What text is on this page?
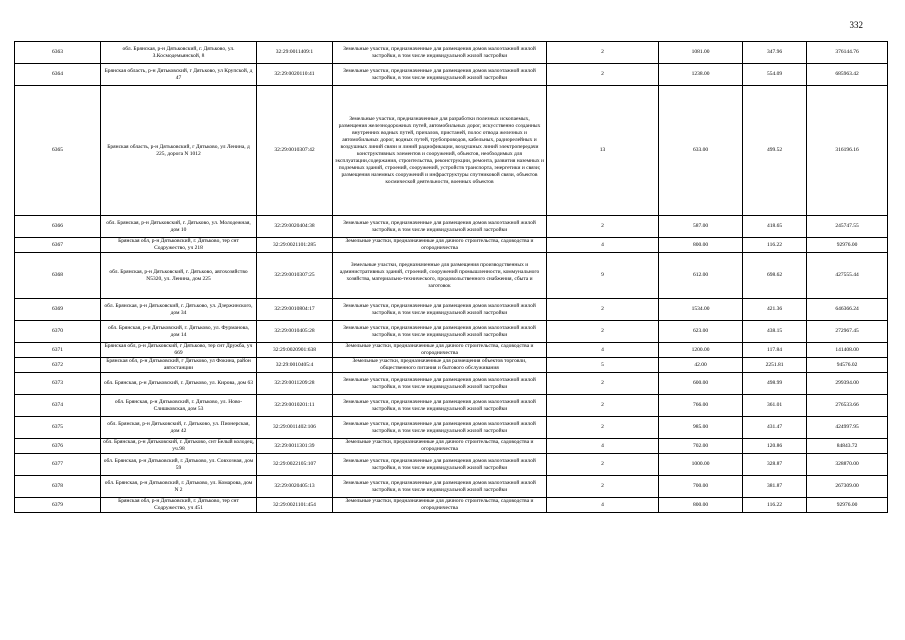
332
6363	обл. Брянская, р-н Дятьковский, г. Дятьково, ул. З.Космодемьянской, 8	32:29:0011409:1	Земельные участки, предназначенные для размещения домов малоэтажной жилой застройки, в том числе индивидуальной жилой застройки	2	1081.00	347.96	376144.76
6364	Брянская область, р-н Дятьковский, г Дятьково, ул Крупской, д 47	32:29:0020110:41	Земельные участки, предназначенные для размещения домов малоэтажной жилой застройки, в том числе индивидуальной жилой застройки	2	1238.00	554.09	685963.42
6365	Брянская область, р-н Дятьковский, г Дятьково, ул Ленина, д 225, дорога N 1012	32:29:0010307:42	Земельные участки, предназначенные для разработки полезных ископаемых, размещения железнодорожных путей, автомобильных дорог, искусственно созданных внутренних водных путей, причалов, пристаней, полос отвода железных и автомобильных дорог, водных путей, трубопроводов, кабельных, радиорелейных и воздушных линий связи и линий радиофикации, воздушных линий электропередачи конструктивных элементов и сооружений, объектов, необходимых для эксплуатации,содержания, строительства, реконструкции, ремонта, развития наземных и подземных зданий, строений, сооружений, устройств транспорта, энергетики и связи; размещения наземных сооружений и инфраструктуры спутниковой связи, объектов космической деятельности, военных объектов	13	633.00	499.52	316196.16
6366	обл. Брянская, р-н Дятьковский, г. Дятьково, ул. Молодежная, дом 10	32:29:0020404:38	Земельные участки, предназначенные для размещения домов малоэтажной жилой застройки, в том числе индивидуальной жилой застройки	2	587.00	418.65	245747.55
6367	Брянская обл, р-н Дятьковский, г. Дятьково, тер снт Содружество, уч 218	32:29:0021101:285	Земельные участки, предназначенные для дачного строительства, садоводства и огородничества	4	800.00	116.22	92976.00
6368	обл. Брянская, р-н Дятьковский, г. Дятьково, автохозяйство N5320, ул. Ленина, дом 225	32:29:0010307:25	Земельные участки, предназначенные для размещения производственных и административных зданий, строений, сооружений промышленности, коммунального хозяйства, материально-технического, продовольственного снабжения, сбыта и заготовок	9	612.00	698.62	427555.44
6369	обл. Брянская, р-н Дятьковский, г. Дятьково, ул. Дзержинского, дом 34	32:29:0010804:17	Земельные участки, предназначенные для размещения домов малоэтажной жилой застройки, в том числе индивидуальной жилой застройки	2	1534.00	421.36	646366.24
6370	обл. Брянская, р-н Дятьковский, г. Дятьково, ул. Фурманова, дом 14	32:29:0010405:28	Земельные участки, предназначенные для размещения домов малоэтажной жилой застройки, в том числе индивидуальной жилой застройки	2	623.00	438.15	272967.45
6371	Брянская обл, р-н Дятьковский, г Дятьково, тер снт Дружба, уч 669	32:29:0020901:638	Земельные участки, предназначенные для дачного строительства, садоводства и огородничества	4	1200.00	117.84	141408.00
6372	Брянская обл, р-н Дятьковский, г Дятьково, ул Фокина, район автостанции	32:29:0010405:4	Земельные участки, предназначенные для размещения объектов торговли, общественного питания и бытового обслуживания	5	42.00	2251.81	94576.02
6373	обл. Брянская, р-н Дятьковский, г. Дятьково, ул. Кирова, дом 63	32:29:0011209:28	Земельные участки, предназначенные для размещения домов малоэтажной жилой застройки, в том числе индивидуальной жилой застройки	2	600.00	498.99	299394.00
6374	обл. Брянская, р-н Дятьковский, г. Дятьково, ул. Ново-Слишковская, дом 53	32:29:0010201:11	Земельные участки, предназначенные для размещения домов малоэтажной жилой застройки, в том числе индивидуальной жилой застройки	2	766.00	361.01	276533.66
6375	обл. Брянская, р-н Дятьковский, г. Дятьково, ул. Пионерская, дом 42	32:29:0011402:106	Земельные участки, предназначенные для размещения домов малоэтажной жилой застройки, в том числе индивидуальной жилой застройки	2	985.00	431.47	424997.95
6376	обл. Брянская, р-н Дятьковский, г. Дятьково, снт Белый колодец, уч.98	32:29:0011301:39	Земельные участки, предназначенные для дачного строительства, садоводства и огородничества	4	702.00	120.86	84843.72
6377	обл. Брянская, р-н Дятьковский, г. Дятьково, ул. Совхозная, дом 59	32:29:0022105:107	Земельные участки, предназначенные для размещения домов малоэтажной жилой застройки, в том числе индивидуальной жилой застройки	2	1000.00	328.87	328870.00
6378	обл. Брянская, р-н Дятьковский, г. Дятьково, ул. Комарова, дом N 2	32:29:0020405:13	Земельные участки, предназначенные для размещения домов малоэтажной жилой застройки, в том числе индивидуальной жилой застройки	2	700.00	381.87	267309.00
6379	Брянская обл, р-н Дятьковский, г. Дятьково, тер снт Содружество, уч 451	32:29:0021101:454	Земельные участки, предназначенные для дачного строительства, садоводства и огородничества	4	800.00	116.22	92976.00
